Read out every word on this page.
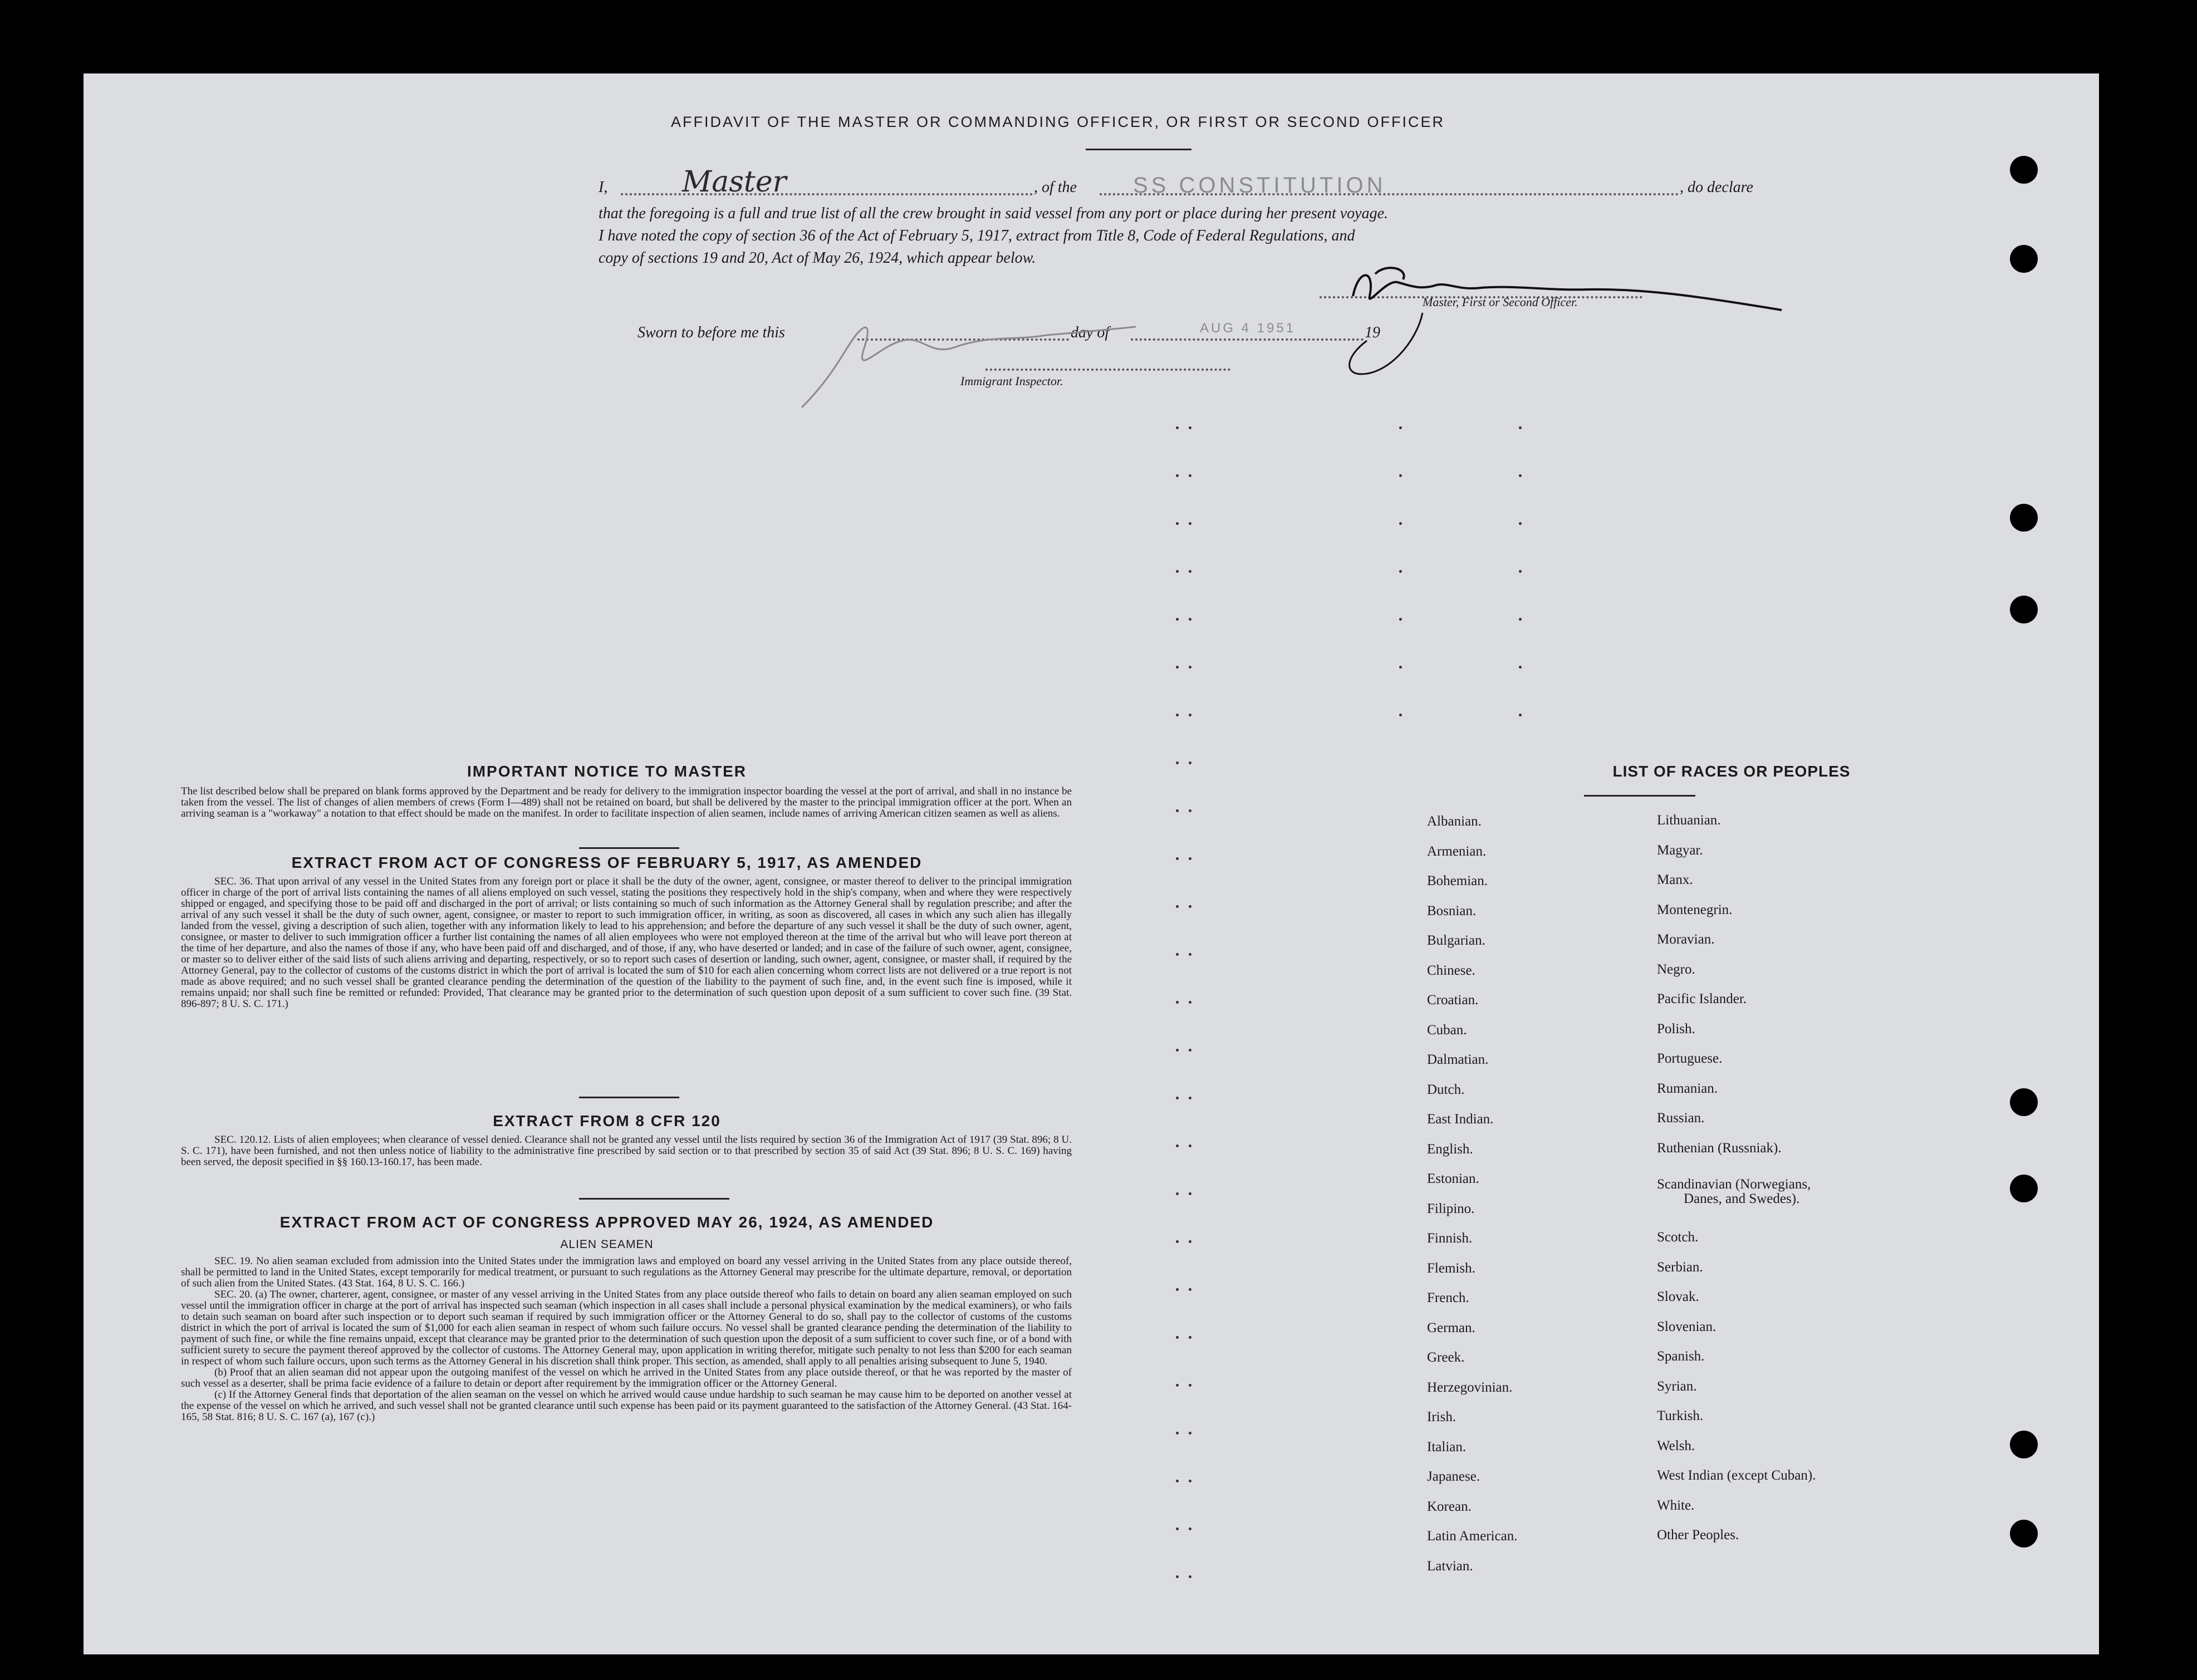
AFFIDAVIT OF THE MASTER OR COMMANDING OFFICER, OR FIRST OR SECOND OFFICER
I,	Master	, of the	SS CONSTITUTION	, do declare
that the foregoing is a full and true list of all the crew brought in said vessel from any port or place during her present voyage.
I have noted the copy of section 36 of the Act of February 5, 1917, extract from Title 8, Code of Federal Regulations, and
copy of sections 19 and 20, Act of May 26, 1924, which appear below.
Master, First or Second Officer.
Sworn to before me this	day of	AUG 4 1951	19
Immigrant Inspector.
IMPORTANT NOTICE TO MASTER

The list described below shall be prepared on blank forms approved by the Department and be ready for delivery to the immigration inspector boarding the vessel at the port of arrival, and shall in no instance be taken from the vessel. The list of changes of alien members of crews (Form I—489) shall not be retained on board, but shall be delivered by the master to the principal immigration officer at the port. When an arriving seaman is a "workaway" a notation to that effect should be made on the manifest. In order to facilitate inspection of alien seamen, include names of arriving American citizen seamen as well as aliens.

EXTRACT FROM ACT OF CONGRESS OF FEBRUARY 5, 1917, AS AMENDED

SEC. 36. That upon arrival of any vessel in the United States from any foreign port or place it shall be the duty of the owner, agent, consignee, or master thereof to deliver to the principal immigration officer in charge of the port of arrival lists containing the names of all aliens employed on such vessel, stating the positions they respectively hold in the ship's company, when and where they were respectively shipped or engaged, and specifying those to be paid off and discharged in the port of arrival; or lists containing so much of such information as the Attorney General shall by regulation prescribe; and after the arrival of any such vessel it shall be the duty of such owner, agent, consignee, or master to report to such immigration officer, in writing, as soon as discovered, all cases in which any such alien has illegally landed from the vessel, giving a description of such alien, together with any information likely to lead to his apprehension; and before the departure of any such vessel it shall be the duty of such owner, agent, consignee, or master to deliver to such immigration officer a further list containing the names of all alien employees who were not employed thereon at the time of the arrival but who will leave port thereon at the time of her departure, and also the names of those if any, who have been paid off and discharged, and of those, if any, who have deserted or landed; and in case of the failure of such owner, agent, consignee, or master so to deliver either of the said lists of such aliens arriving and departing, respectively, or so to report such cases of desertion or landing, such owner, agent, consignee, or master shall, if required by the Attorney General, pay to the collector of customs of the customs district in which the port of arrival is located the sum of $10 for each alien concerning whom correct lists are not delivered or a true report is not made as above required; and no such vessel shall be granted clearance pending the determination of the question of the liability to the payment of such fine, and, in the event such fine is imposed, while it remains unpaid; nor shall such fine be remitted or refunded: Provided, That clearance may be granted prior to the determination of such question upon deposit of a sum sufficient to cover such fine. (39 Stat. 896-897; 8 U. S. C. 171.)

EXTRACT FROM 8 CFR 120

SEC. 120.12. Lists of alien employees; when clearance of vessel denied. Clearance shall not be granted any vessel until the lists required by section 36 of the Immigration Act of 1917 (39 Stat. 896; 8 U. S. C. 171), have been furnished, and not then unless notice of liability to the administrative fine prescribed by said section or to that prescribed by section 35 of said Act (39 Stat. 896; 8 U. S. C. 169) having been served, the deposit specified in §§ 160.13-160.17, has been made.

EXTRACT FROM ACT OF CONGRESS APPROVED MAY 26, 1924, AS AMENDED
ALIEN SEAMEN

SEC. 19. No alien seaman excluded from admission into the United States under the immigration laws and employed on board any vessel arriving in the United States from any place outside thereof, shall be permitted to land in the United States, except temporarily for medical treatment, or pursuant to such regulations as the Attorney General may prescribe for the ultimate departure, removal, or deportation of such alien from the United States. (43 Stat. 164, 8 U. S. C. 166.)

SEC. 20. (a) The owner, charterer, agent, consignee, or master of any vessel arriving in the United States from any place outside thereof who fails to detain on board any alien seaman employed on such vessel until the immigration officer in charge at the port of arrival has inspected such seaman (which inspection in all cases shall include a personal physical examination by the medical examiners), or who fails to detain such seaman on board after such inspection or to deport such seaman if required by such immigration officer or the Attorney General to do so, shall pay to the collector of customs of the customs district in which the port of arrival is located the sum of $1,000 for each alien seaman in respect of whom such failure occurs. No vessel shall be granted clearance pending the determination of the liability to payment of such fine, or while the fine remains unpaid, except that clearance may be granted prior to the determination of such question upon the deposit of a sum sufficient to cover such fine, or of a bond with sufficient surety to secure the payment thereof approved by the collector of customs. The Attorney General may, upon application in writing therefor, mitigate such penalty to not less than $200 for each seaman in respect of whom such failure occurs, upon such terms as the Attorney General in his discretion shall think proper. This section, as amended, shall apply to all penalties arising subsequent to June 5, 1940.

(b) Proof that an alien seaman did not appear upon the outgoing manifest of the vessel on which he arrived in the United States from any place outside thereof, or that he was reported by the master of such vessel as a deserter, shall be prima facie evidence of a failure to detain or deport after requirement by the immigration officer or the Attorney General.

(c) If the Attorney General finds that deportation of the alien seaman on the vessel on which he arrived would cause undue hardship to such seaman he may cause him to be deported on another vessel at the expense of the vessel on which he arrived, and such vessel shall not be granted clearance until such expense has been paid or its payment guaranteed to the satisfaction of the Attorney General. (43 Stat. 164-165, 58 Stat. 816; 8 U. S. C. 167 (a), 167 (c).)

LIST OF RACES OR PEOPLES
Albanian.
Armenian.
Bohemian.
Bosnian.
Bulgarian.
Chinese.
Croatian.
Cuban.
Dalmatian.
Dutch.
East Indian.
English.
Estonian.
Filipino.
Finnish.
Flemish.
French.
German.
Greek.
Herzegovinian.
Irish.
Italian.
Japanese.
Korean.
Latin American.
Latvian.
Lithuanian.
Magyar.
Manx.
Montenegrin.
Moravian.
Negro.
Pacific Islander.
Polish.
Portuguese.
Rumanian.
Russian.
Ruthenian (Russniak).
Scandinavian (Norwegians,
Danes, and Swedes).
Scotch.
Serbian.
Slovak.
Slovenian.
Spanish.
Syrian.
Turkish.
Welsh.
West Indian (except Cuban).
White.
Other Peoples.
